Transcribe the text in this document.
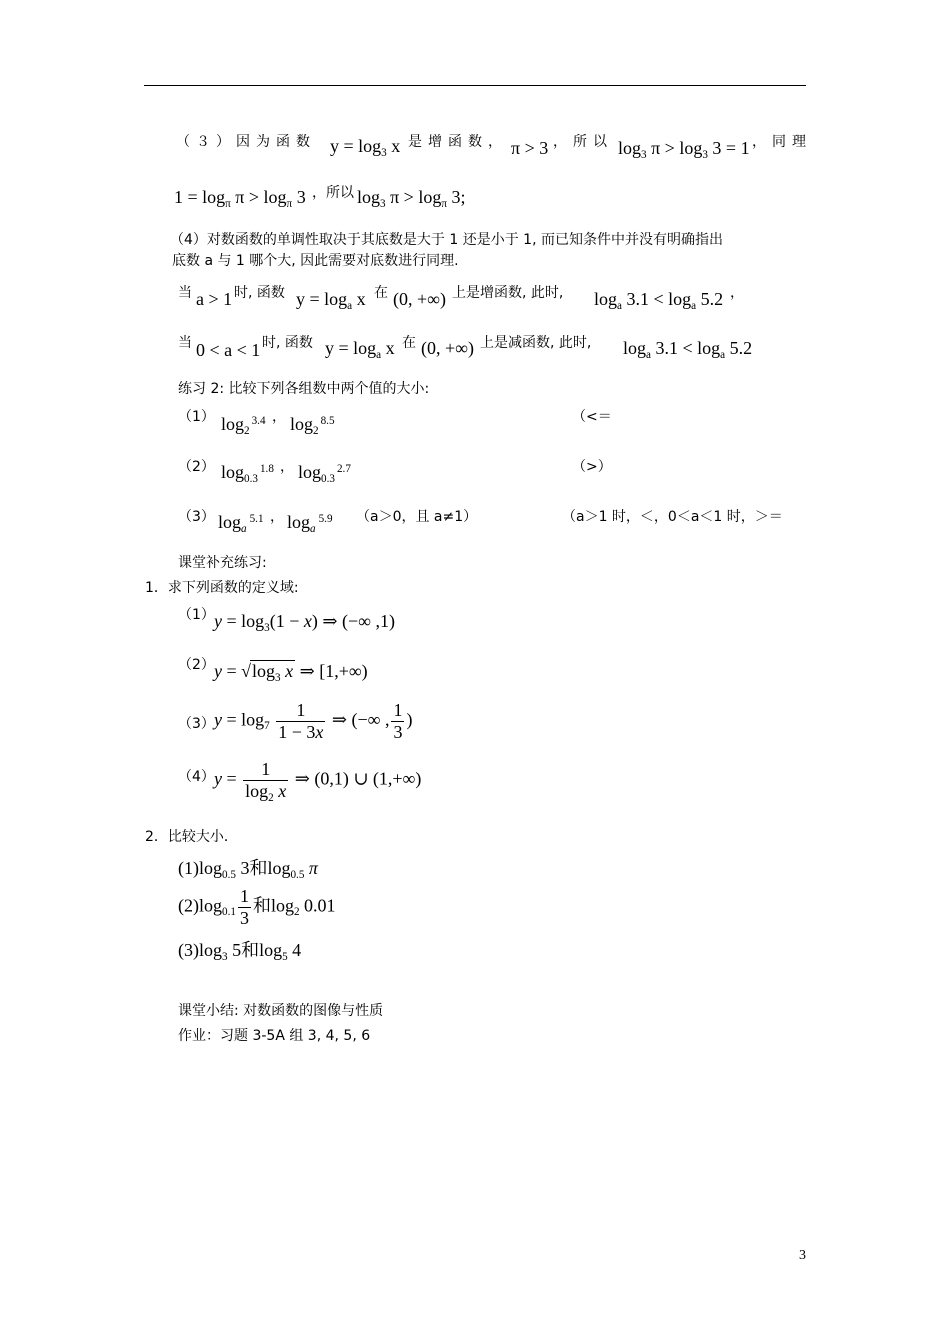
（３）因为函数 $y = \log_3 x$ 是增函数， π > 3 ，所以 $\log_3 \pi > \log_3 3 = 1$ ，同理
$1 = \log_\pi \pi > \log_\pi 3$ ，所以 $\log_3 \pi > \log_\pi 3$;
（4）对数函数的单调性取决于其底数是大于 1 还是小于 1, 而已知条件中并没有明确指出
底数 a 与 1 哪个大, 因此需要对底数进行同理.
当 a > 1 时, 函数 $y = \log_a x$ 在 (0, +∞) 上是增函数, 此时, $\log_a 3.1 < \log_a 5.2$ ，
当 0 < a < 1 时, 函数 $y = \log_a x$ 在 (0, +∞) 上是减函数, 此时, $\log_a 3.1 < \log_a 5.2$
练习 2: 比较下列各组数中两个值的大小:
（1） $\log_2^{3.4}$ ， $\log_2^{8.5}$	（<＝
（2） $\log_{0.3}^{1.8}$ ， $\log_{0.3}^{2.7}$	（>）
（3） $\log_a^{5.1}$ ， $\log_a^{5.9} (a>0$，且 a≠1）	（a＞1 时，＜，0＜a＜1 时，＞＝
课堂补充练习:
1．求下列函数的定义域:
（1） $y = \log_3(1 - x)$ ⇒ (−∞ ,1)
（2） $y = √\log_3$ x ⇒ [1,+∞)
（3） $y = \log_7 \frac{1}{1 - 3x}$ ⇒ (−∞ , $\frac{1}{3}$ )
（4） $y = \frac{1}{\log_2 x}$ ⇒ (0,1) ∪ (1,+∞)
2．比较大小．
$(1)\log_{0.5}$ 3和$\log_{0.5} \pi$
$(2)\log_{0.1} \frac{1}{3}$ 和$\log_2 0.01$
$(3)\log_3$ 5和$\log_5 4$
课堂小结: 对数函数的图像与性质
作业：习题 3-5A 组 3, 4, 5, 6
3
